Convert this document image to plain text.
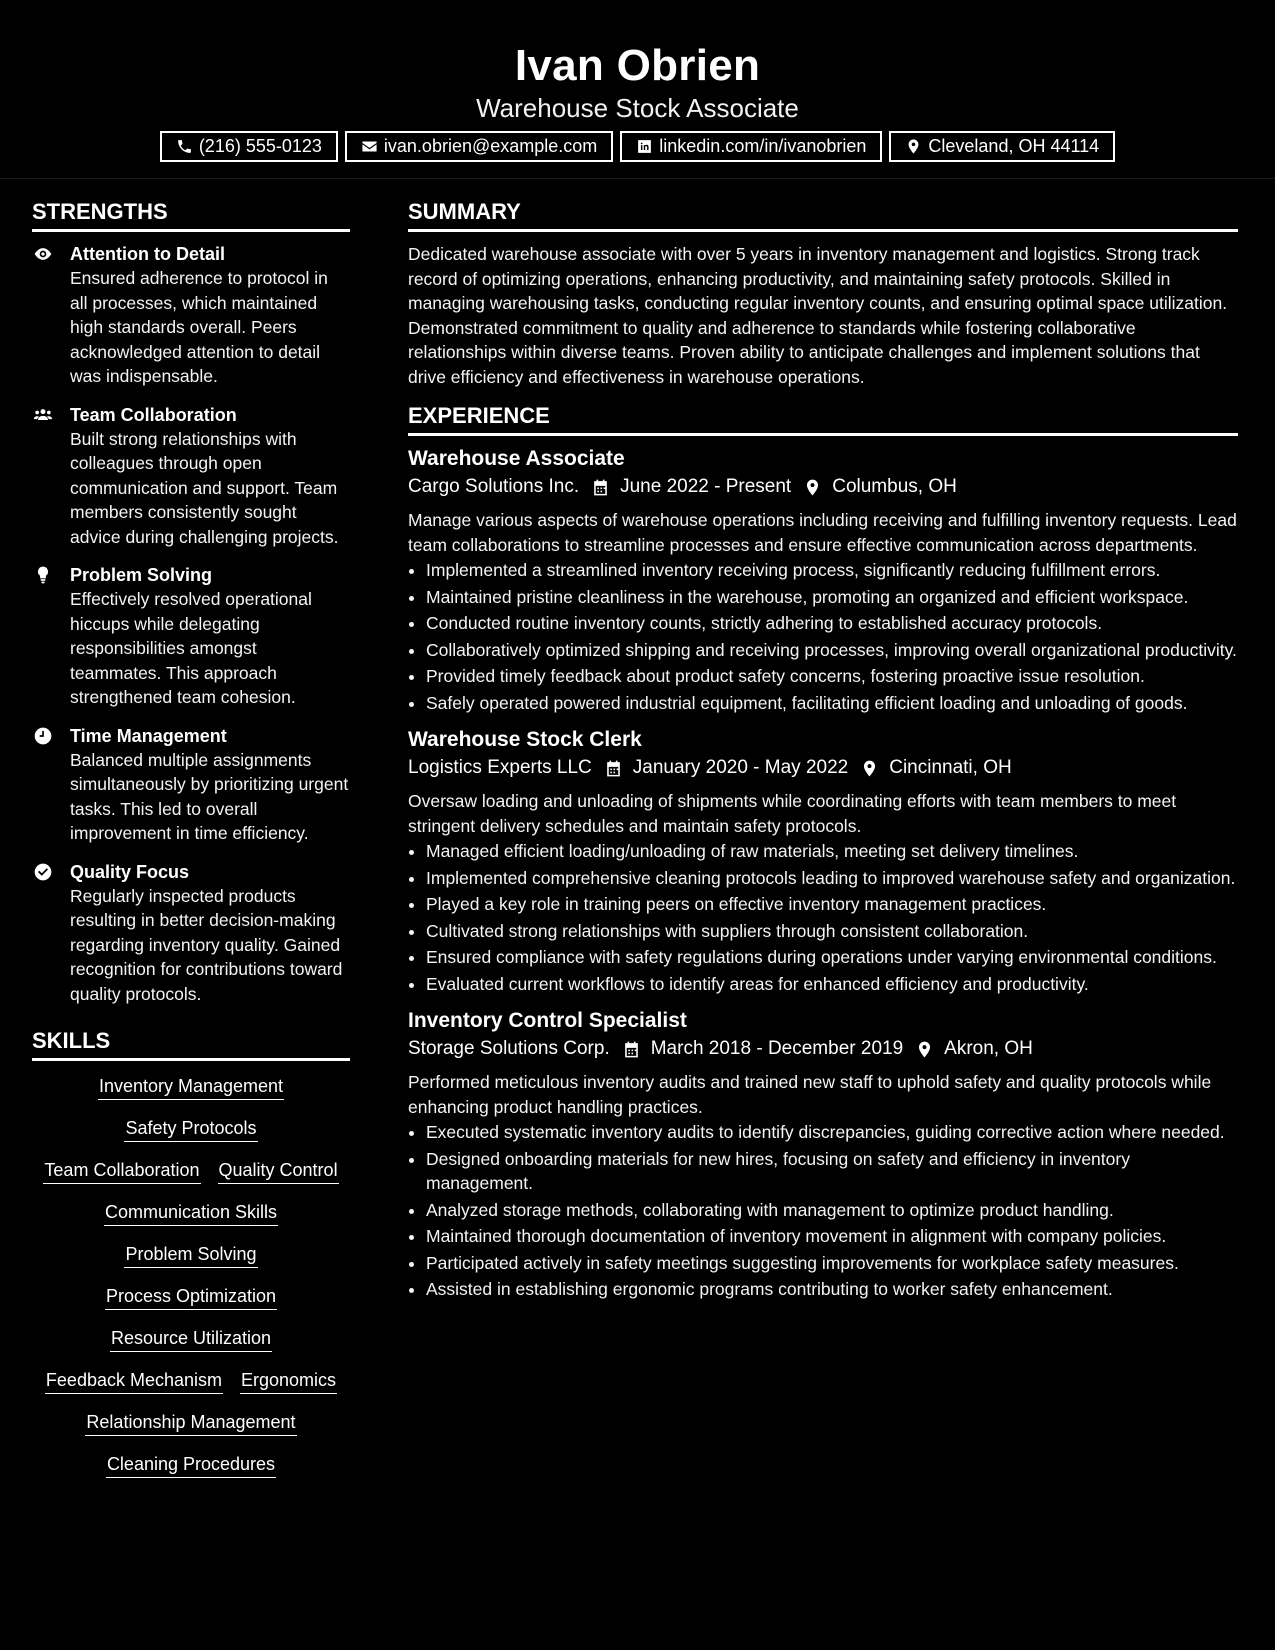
Ivan Obrien
Warehouse Stock Associate
(216) 555-0123	ivan.obrien@example.com	linkedin.com/in/ivanobrien	Cleveland, OH 44114
STRENGTHS
Attention to Detail
Ensured adherence to protocol in all processes, which maintained high standards overall. Peers acknowledged attention to detail was indispensable.
Team Collaboration
Built strong relationships with colleagues through open communication and support. Team members consistently sought advice during challenging projects.
Problem Solving
Effectively resolved operational hiccups while delegating responsibilities amongst teammates. This approach strengthened team cohesion.
Time Management
Balanced multiple assignments simultaneously by prioritizing urgent tasks. This led to overall improvement in time efficiency.
Quality Focus
Regularly inspected products resulting in better decision-making regarding inventory quality. Gained recognition for contributions toward quality protocols.
SKILLS
Inventory Management
Safety Protocols
Team Collaboration Quality Control
Communication Skills
Problem Solving
Process Optimization
Resource Utilization
Feedback Mechanism Ergonomics
Relationship Management
Cleaning Procedures
SUMMARY
Dedicated warehouse associate with over 5 years in inventory management and logistics. Strong track record of optimizing operations, enhancing productivity, and maintaining safety protocols. Skilled in managing warehousing tasks, conducting regular inventory counts, and ensuring optimal space utilization. Demonstrated commitment to quality and adherence to standards while fostering collaborative relationships within diverse teams. Proven ability to anticipate challenges and implement solutions that drive efficiency and effectiveness in warehouse operations.
EXPERIENCE
Warehouse Associate
Cargo Solutions Inc. June 2022 - Present Columbus, OH
Manage various aspects of warehouse operations including receiving and fulfilling inventory requests. Lead team collaborations to streamline processes and ensure effective communication across departments.
• Implemented a streamlined inventory receiving process, significantly reducing fulfillment errors.
• Maintained pristine cleanliness in the warehouse, promoting an organized and efficient workspace.
• Conducted routine inventory counts, strictly adhering to established accuracy protocols.
• Collaboratively optimized shipping and receiving processes, improving overall organizational productivity.
• Provided timely feedback about product safety concerns, fostering proactive issue resolution.
• Safely operated powered industrial equipment, facilitating efficient loading and unloading of goods.
Warehouse Stock Clerk
Logistics Experts LLC January 2020 - May 2022 Cincinnati, OH
Oversaw loading and unloading of shipments while coordinating efforts with team members to meet stringent delivery schedules and maintain safety protocols.
• Managed efficient loading/unloading of raw materials, meeting set delivery timelines.
• Implemented comprehensive cleaning protocols leading to improved warehouse safety and organization.
• Played a key role in training peers on effective inventory management practices.
• Cultivated strong relationships with suppliers through consistent collaboration.
• Ensured compliance with safety regulations during operations under varying environmental conditions.
• Evaluated current workflows to identify areas for enhanced efficiency and productivity.
Inventory Control Specialist
Storage Solutions Corp. March 2018 - December 2019 Akron, OH
Performed meticulous inventory audits and trained new staff to uphold safety and quality protocols while enhancing product handling practices.
• Executed systematic inventory audits to identify discrepancies, guiding corrective action where needed.
• Designed onboarding materials for new hires, focusing on safety and efficiency in inventory management.
• Analyzed storage methods, collaborating with management to optimize product handling.
• Maintained thorough documentation of inventory movement in alignment with company policies.
• Participated actively in safety meetings suggesting improvements for workplace safety measures.
• Assisted in establishing ergonomic programs contributing to worker safety enhancement.
